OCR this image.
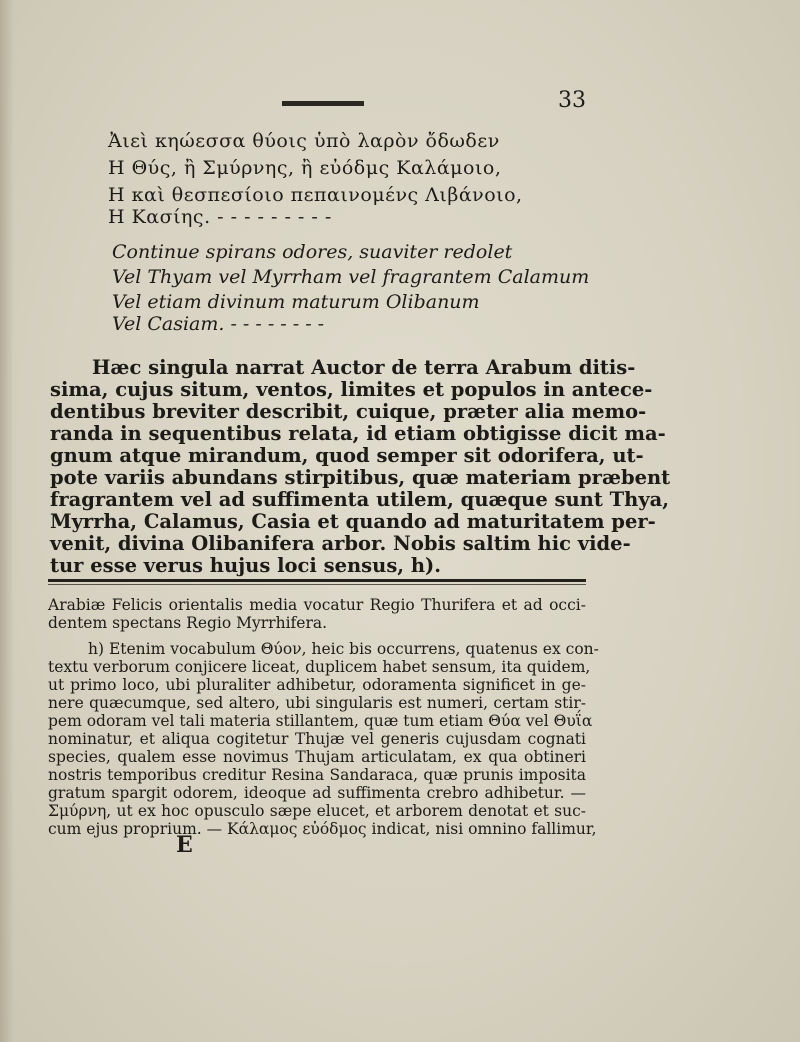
33
Ἀιεὶ κηώεσσα θύοις ὑπὸ λαρὸν ὄδωδεν
Η Θύς, ἢ Σμύρνης, ἢ εὐόδμς Καλάμοιο,
Η καὶ θεσπεσίοιο πεπαινομένς Λιβάνοιο,
Η Κασίης. - - - - - - - - -
Continue spirans odores, suaviter redolet
Vel Thyam vel Myrrham vel fragrantem Calamum
Vel etiam divinum maturum Olibanum
Vel Casiam. - - - - - - - -
Hæc singula narrat Auctor de terra Arabum ditis-
sima, cujus situm, ventos, limites et populos in antece-
dentibus breviter describit, cuique, præter alia memo-
randa in sequentibus relata, id etiam obtigisse dicit ma-
gnum atque mirandum, quod semper sit odorifera, ut-
pote variis abundans stirpitibus, quæ materiam præbent
fragrantem vel ad suffimenta utilem, quæque sunt Thya,
Myrrha, Calamus, Casia et quando ad maturitatem per-
venit, divina Olibanifera arbor. Nobis saltim hic vide-
tur esse verus hujus loci sensus, h).
Arabiæ Felicis orientalis media vocatur Regio Thurifera et ad occi-
dentem spectans Regio Myrrhifera.
h) Etenim vocabulum Θύον, heic bis occurrens, quatenus ex con-
textu verborum conjicere liceat, duplicem habet sensum, ita quidem,
ut primo loco, ubi pluraliter adhibetur, odoramenta significet in ge-
nere quæcumque, sed altero, ubi singularis est numeri, certam stir-
pem odoram vel tali materia stillantem, quæ tum etiam Θύα vel Θυΐα
nominatur, et aliqua cogitetur Thujæ vel generis cujusdam cognati
species, qualem esse novimus Thujam articulatam, ex qua obtineri
nostris temporibus creditur Resina Sandaraca, quæ prunis imposita
gratum spargit odorem, ideoque ad suffimenta crebro adhibetur. —
Σμύρνη, ut ex hoc opusculo sæpe elucet, et arborem denotat et suc-
cum ejus proprium. — Κάλαμος εὐόδμος indicat, nisi omnino fallimur,
E
